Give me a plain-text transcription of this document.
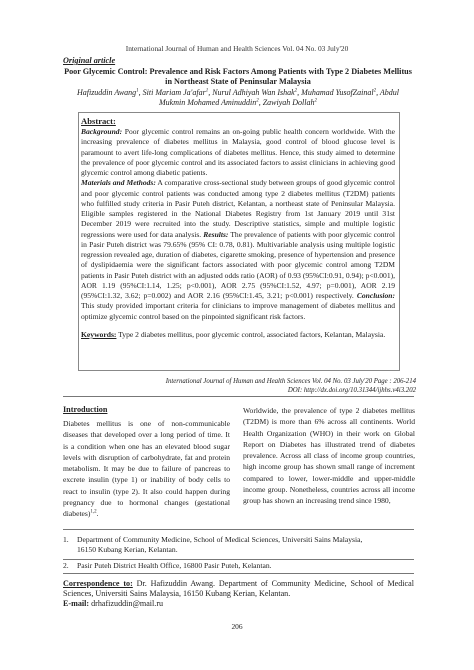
International Journal of Human and Health Sciences Vol. 04 No. 03 July'20
Original article
Poor Glycemic Control: Prevalence and Risk Factors Among Patients with Type 2 Diabetes Mellitus in Northeast State of Peninsular Malaysia
Hafizuddin Awang$^1$, Siti Mariam Ja'afar$^1$, Nurul Adhiyah Wan Ishak$^2$, Muhamad YusofZainal$^2$, Abdul Mukmin Mohamed Aminuddin$^2$, Zawiyah Dollah$^2$
Abstract:
Background: Poor glycemic control remains an on-going public health concern worldwide. With the increasing prevalence of diabetes mellitus in Malaysia, good control of blood glucose level is paramount to avert life-long complications of diabetes mellitus. Hence, this study aimed to determine the prevalence of poor glycemic control and its associated factors to assist clinicians in achieving good glycemic control among diabetic patients.
Materials and Methods: A comparative cross-sectional study between groups of good glycemic control and poor glycemic control patients was conducted among type 2 diabetes mellitus (T2DM) patients who fulfilled study criteria in Pasir Puteh district, Kelantan, a northeast state of Peninsular Malaysia. Eligible samples registered in the National Diabetes Registry from 1st January 2019 until 31st December 2019 were recruited into the study. Descriptive statistics, simple and multiple logistic regressions were used for data analysis. Results: The prevalence of patients with poor glycemic control in Pasir Puteh district was 79.65% (95% CI: 0.78, 0.81). Multivariable analysis using multiple logistic regression revealed age, duration of diabetes, cigarette smoking, presence of hypertension and presence of dyslipidaemia were the significant factors associated with poor glycemic control among T2DM patients in Pasir Puteh district with an adjusted odds ratio (AOR) of 0.93 (95%CI:0.91, 0.94); p<0.001), AOR 1.19 (95%CI:1.14, 1.25; p<0.001), AOR 2.75 (95%CI:1.52, 4.97; p=0.001), AOR 2.19 (95%CI:1.32, 3.62; p=0.002) and AOR 2.16 (95%CI:1.45, 3.21; p<0.001) respectively. Conclusion: This study provided important criteria for clinicians to improve management of diabetes mellitus and optimize glycemic control based on the pinpointed significant risk factors.
Keywords: Type 2 diabetes mellitus, poor glycemic control, associated factors, Kelantan, Malaysia.
International Journal of Human and Health Sciences Vol. 04 No. 03 July'20 Page : 206-214
DOI: http://dx.doi.org/10.31344/ijhhs.v4i3.202
Introduction
Diabetes mellitus is one of non-communicable diseases that developed over a long period of time. It is a condition when one has an elevated blood sugar levels with disruption of carbohydrate, fat and protein metabolism. It may be due to failure of pancreas to excrete insulin (type 1) or inability of body cells to react to insulin (type 2). It also could happen during pregnancy due to hormonal changes (gestational diabetes)$^{1,2}$.
Worldwide, the prevalence of type 2 diabetes mellitus (T2DM) is more than 6% across all continents. World Health Organization (WHO) in their work on Global Report on Diabetes has illustrated trend of diabetes prevalence. Across all class of income group countries, high income group has shown small range of increment compared to lower, lower-middle and upper-middle income group. Nonetheless, countries across all income group has shown an increasing trend since 1980,
1. Department of Community Medicine, School of Medical Sciences, Universiti Sains Malaysia,
16150 Kubang Kerian, Kelantan.
2. Pasir Puteh District Health Office, 16800 Pasir Puteh, Kelantan.
Correspondence to: Dr. Hafizuddin Awang. Department of Community Medicine, School of Medical Sciences, Universiti Sains Malaysia, 16150 Kubang Kerian, Kelantan.
E-mail: drhafizuddin@mail.ru
206
